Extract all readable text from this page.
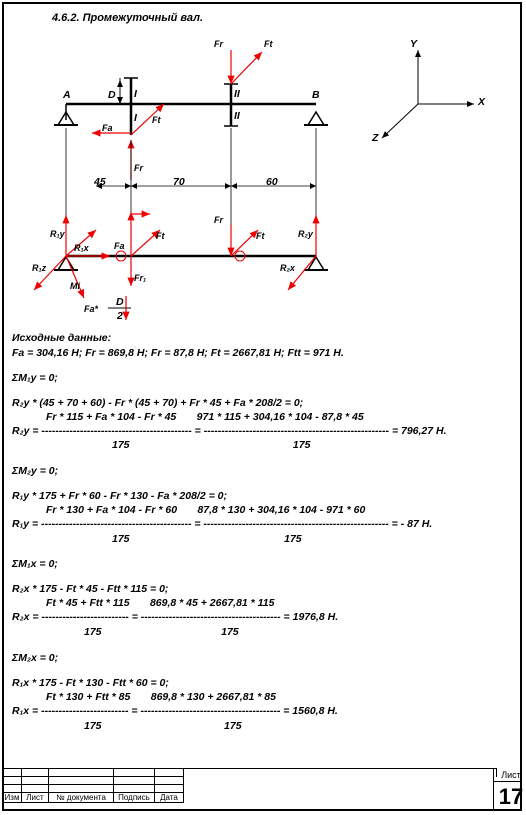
4.6.2. Промежуточный вал.
A	B
D I
I
II
II
Y
X
Z
45	70	60
Fr	Ft
Fa
Ft
Fr
R₁y	R₂y
R₁x
R₁z	R₂x
Mi
Ft
Fr
Ft
Fa
Fr₁
Fa*
D
2
Исходные данные:
Fa = 304,16 H; Fr = 869,8 H; Fr = 87,8 H; Ft = 2667,81 H; Ftt = 971 H.
ΣM₁y = 0;
R₂y * (45 + 70 + 60) - Fr * (45 + 70) + Fr * 45 + Fa * 208/2 = 0;
Fr * 115 + Fa * 104 - Fr * 45       971 * 115 + 304,16 * 104 - 87,8 * 45
R₂y = ------------------------------------------- = ----------------------------------------------------- = 796,27 H.
175                                                        175
ΣM₂y = 0;
R₁y * 175 + Fr * 60 - Fr * 130 - Fa * 208/2 = 0;
Fr * 130 + Fa * 104 - Fr * 60       87,8 * 130 + 304,16 * 104 - 971 * 60
R₁y = ------------------------------------------- = ----------------------------------------------------- = - 87 H.
175                                                     175
ΣM₁x = 0;
R₂x * 175 - Ft * 45 - Ftt * 115 = 0;
Ft * 45 + Ftt * 115       869,8 * 45 + 2667,81 * 115
R₂x = ------------------------- = ---------------------------------------- = 1976,8 H.
175                                         175
ΣM₂x = 0;
R₁x * 175 - Ft * 130 - Ftt * 60 = 0;
Ft * 130 + Ftt * 85       869,8 * 130 + 2667,81 * 85
R₁x = ------------------------- = ---------------------------------------- = 1560,8 H.
175                                          175

Изм	Лист	№ документа	Подпись	Дата	
Лист
17
